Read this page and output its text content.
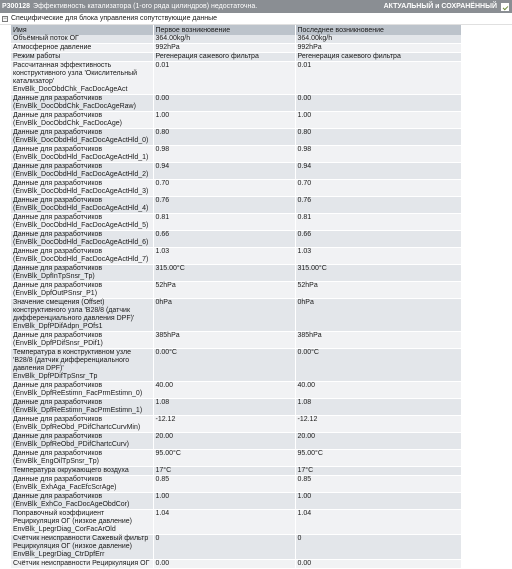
P300128 Эффективность катализатора (1-ого ряда цилиндров) недостаточна.	АКТУАЛЬНЫЙ и СОХРАНЁННЫЙ
− Специфические для блока управления сопутствующие данные
Имя	Первое возникновение	Последнее возникновение
Объёмный поток ОГ	364.00kg/h	364.00kg/h
Атмосферное давление	992hPa	992hPa
Режим работы	Регенерация сажевого фильтра	Регенерация сажевого фильтра
Рассчитанная эффективность конструктивного узла 'Окислительный катализатор'
EnvBlk_DocObdChk_FacDocAgeAct	0.01	0.01
Данные для разработчиков
(EnvBlk_DocObdChk_FacDocAgeRaw)	0.00	0.00
Данные для разработчиков
(EnvBlk_DocObdChk_FacDocAge)	1.00	1.00
Данные для разработчиков
(EnvBlk_DocObdHld_FacDocAgeActHld_0)	0.80	0.80
Данные для разработчиков
(EnvBlk_DocObdHld_FacDocAgeActHld_1)	0.98	0.98
Данные для разработчиков
(EnvBlk_DocObdHld_FacDocAgeActHld_2)	0.94	0.94
Данные для разработчиков
(EnvBlk_DocObdHld_FacDocAgeActHld_3)	0.70	0.70
Данные для разработчиков
(EnvBlk_DocObdHld_FacDocAgeActHld_4)	0.76	0.76
Данные для разработчиков
(EnvBlk_DocObdHld_FacDocAgeActHld_5)	0.81	0.81
Данные для разработчиков
(EnvBlk_DocObdHld_FacDocAgeActHld_6)	0.66	0.66
Данные для разработчиков
(EnvBlk_DocObdHld_FacDocAgeActHld_7)	1.03	1.03
Данные для разработчиков
(EnvBlk_DpfInTpSnsr_Tp)	315.00°C	315.00°C
Данные для разработчиков
(EnvBlk_DpfOutPSnsr_P1)	52hPa	52hPa
Значение смещения (Offset) конструктивного узла 'B28/8 (датчик дифференциального давления DPF)' EnvBlk_DpfPDifAdpn_POfs1	0hPa	0hPa
Данные для разработчиков
(EnvBlk_DpfPDifSnsr_PDif1)	385hPa	385hPa
Температура в конструктивном узле 'B28/8 (датчик дифференциального давления DPF)'
EnvBlk_DpfPDifTpSnsr_Tp	0.00°C	0.00°C
Данные для разработчиков
(EnvBlk_DpfReEstimn_FacPrmEstimn_0)	40.00	40.00
Данные для разработчиков
(EnvBlk_DpfReEstimn_FacPrmEstimn_1)	1.08	1.08
Данные для разработчиков
(EnvBlk_DpfReObd_PDifChartcCurvMin)	-12.12	-12.12
Данные для разработчиков
(EnvBlk_DpfReObd_PDifChartcCurv)	20.00	20.00
Данные для разработчиков
(EnvBlk_EngOilTpSnsr_Tp)	95.00°C	95.00°C
Температура окружающего воздуха	17°C	17°C
Данные для разработчиков
(EnvBlk_ExhAga_FacEfcScrAge)	0.85	0.85
Данные для разработчиков
(EnvBlk_ExhCo_FacDocAgeObdCor)	1.00	1.00
Поправочный коэффициент Рециркуляция ОГ (низкое давление)
EnvBlk_LpegrDiag_CorFacArOld	1.04	1.04
Счётчик неисправности Сажевый фильтр Рециркуляция ОГ (низкое давление)
EnvBlk_LpegrDiag_CtrDpfErr	0	0
Счётчик неисправности Рециркуляция ОГ	0.00	0.00
